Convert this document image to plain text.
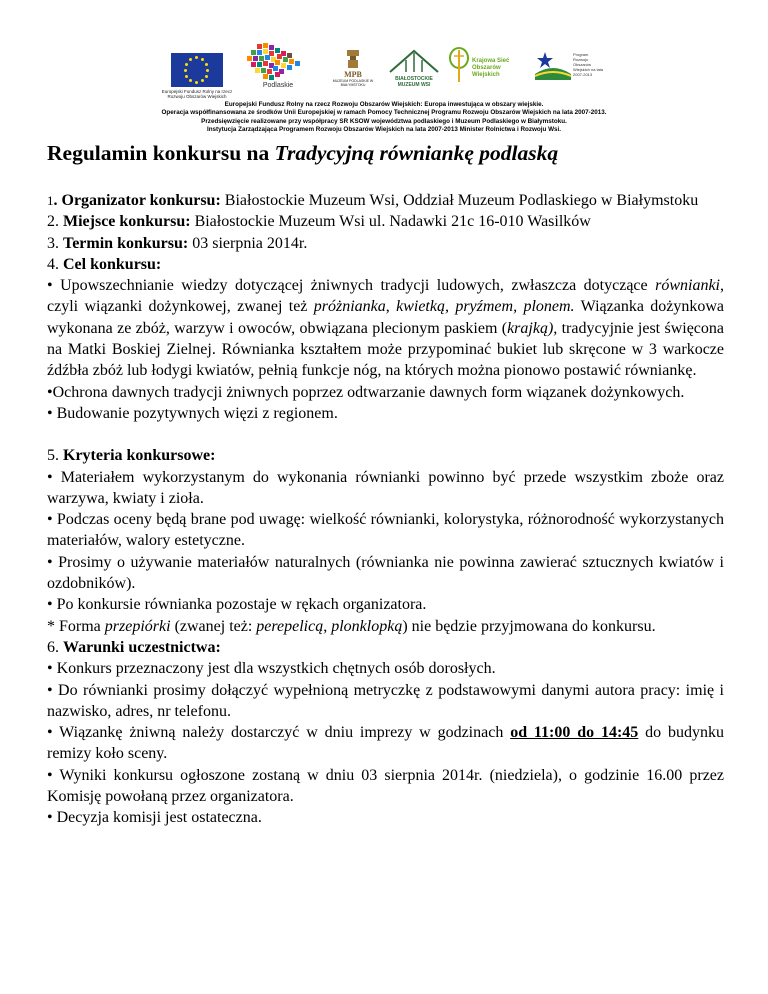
Europejski Fundusz Rolny na rzecz Rozwoju Obszarów Wiejskich
Podlaskie
MPB
MUZEUM PODLASKIE W BIAŁYMSTOKU
BIAŁOSTOCKIE MUZEUM WSI
Krajowa Sieć Obszarów Wiejskich
Program Rozwoju Obszarów Wiejskich na lata 2007-2013
Europejski Fundusz Rolny na rzecz Rozwoju Obszarów Wiejskich: Europa inwestująca w obszary wiejskie.
Operacja współfinansowana ze środków Unii Europejskiej w ramach Pomocy Technicznej Programu Rozwoju Obszarów Wiejskich na lata 2007-2013.
Przedsięwzięcie realizowane przy współpracy SR KSOW województwa podlaskiego i Muzeum Podlaskiego w Białymstoku.
Instytucja Zarządzająca Programem Rozwoju Obszarów Wiejskich na lata 2007-2013 Minister Rolnictwa i Rozwoju Wsi.
Regulamin konkursu na Tradycyjną równiankę podlaską

1. Organizator konkursu: Białostockie Muzeum Wsi, Oddział Muzeum Podlaskiego w Białymstoku

2. Miejsce konkursu: Białostockie Muzeum Wsi ul. Nadawki 21c 16-010 Wasilków

3. Termin konkursu: 03 sierpnia 2014r.

4. Cel konkursu:

• Upowszechnianie wiedzy dotyczącej żniwnych tradycji ludowych, zwłaszcza dotyczące równianki, czyli wiązanki dożynkowej, zwanej też próżnianka, kwietką, pryźmem, plonem. Wiązanka dożynkowa wykonana ze zbóż, warzyw i owoców, obwiązana plecionym paskiem (krajką), tradycyjnie jest święcona na Matki Boskiej Zielnej. Równianka kształtem może przypominać bukiet lub skręcone w 3 warkocze źdźbła zbóż lub łodygi kwiatów, pełnią funkcje nóg, na których można pionowo postawić równiankę.

•Ochrona dawnych tradycji żniwnych poprzez odtwarzanie dawnych form wiązanek dożynkowych.

• Budowanie pozytywnych więzi z regionem.

5. Kryteria konkursowe:

• Materiałem wykorzystanym do wykonania równianki powinno być przede wszystkim zboże oraz warzywa, kwiaty i zioła.

• Podczas oceny będą brane pod uwagę: wielkość równianki, kolorystyka, różnorodność wykorzystanych materiałów, walory estetyczne.

• Prosimy o używanie materiałów naturalnych (równianka nie powinna zawierać sztucznych kwiatów i ozdobników).

• Po konkursie równianka pozostaje w rękach organizatora.

* Forma przepiórki (zwanej też: perepelicą, plonklopką) nie będzie przyjmowana do konkursu.

6. Warunki uczestnictwa:

• Konkurs przeznaczony jest dla wszystkich chętnych osób dorosłych.

• Do równianki prosimy dołączyć wypełnioną metryczkę z podstawowymi danymi autora pracy: imię i nazwisko, adres, nr telefonu.

• Wiązankę żniwną należy dostarczyć w dniu imprezy w godzinach od 11:00 do 14:45 do budynku remizy koło sceny.

• Wyniki konkursu ogłoszone zostaną w dniu 03 sierpnia 2014r. (niedziela), o godzinie 16.00 przez Komisję powołaną przez organizatora.

• Decyzja komisji jest ostateczna.
